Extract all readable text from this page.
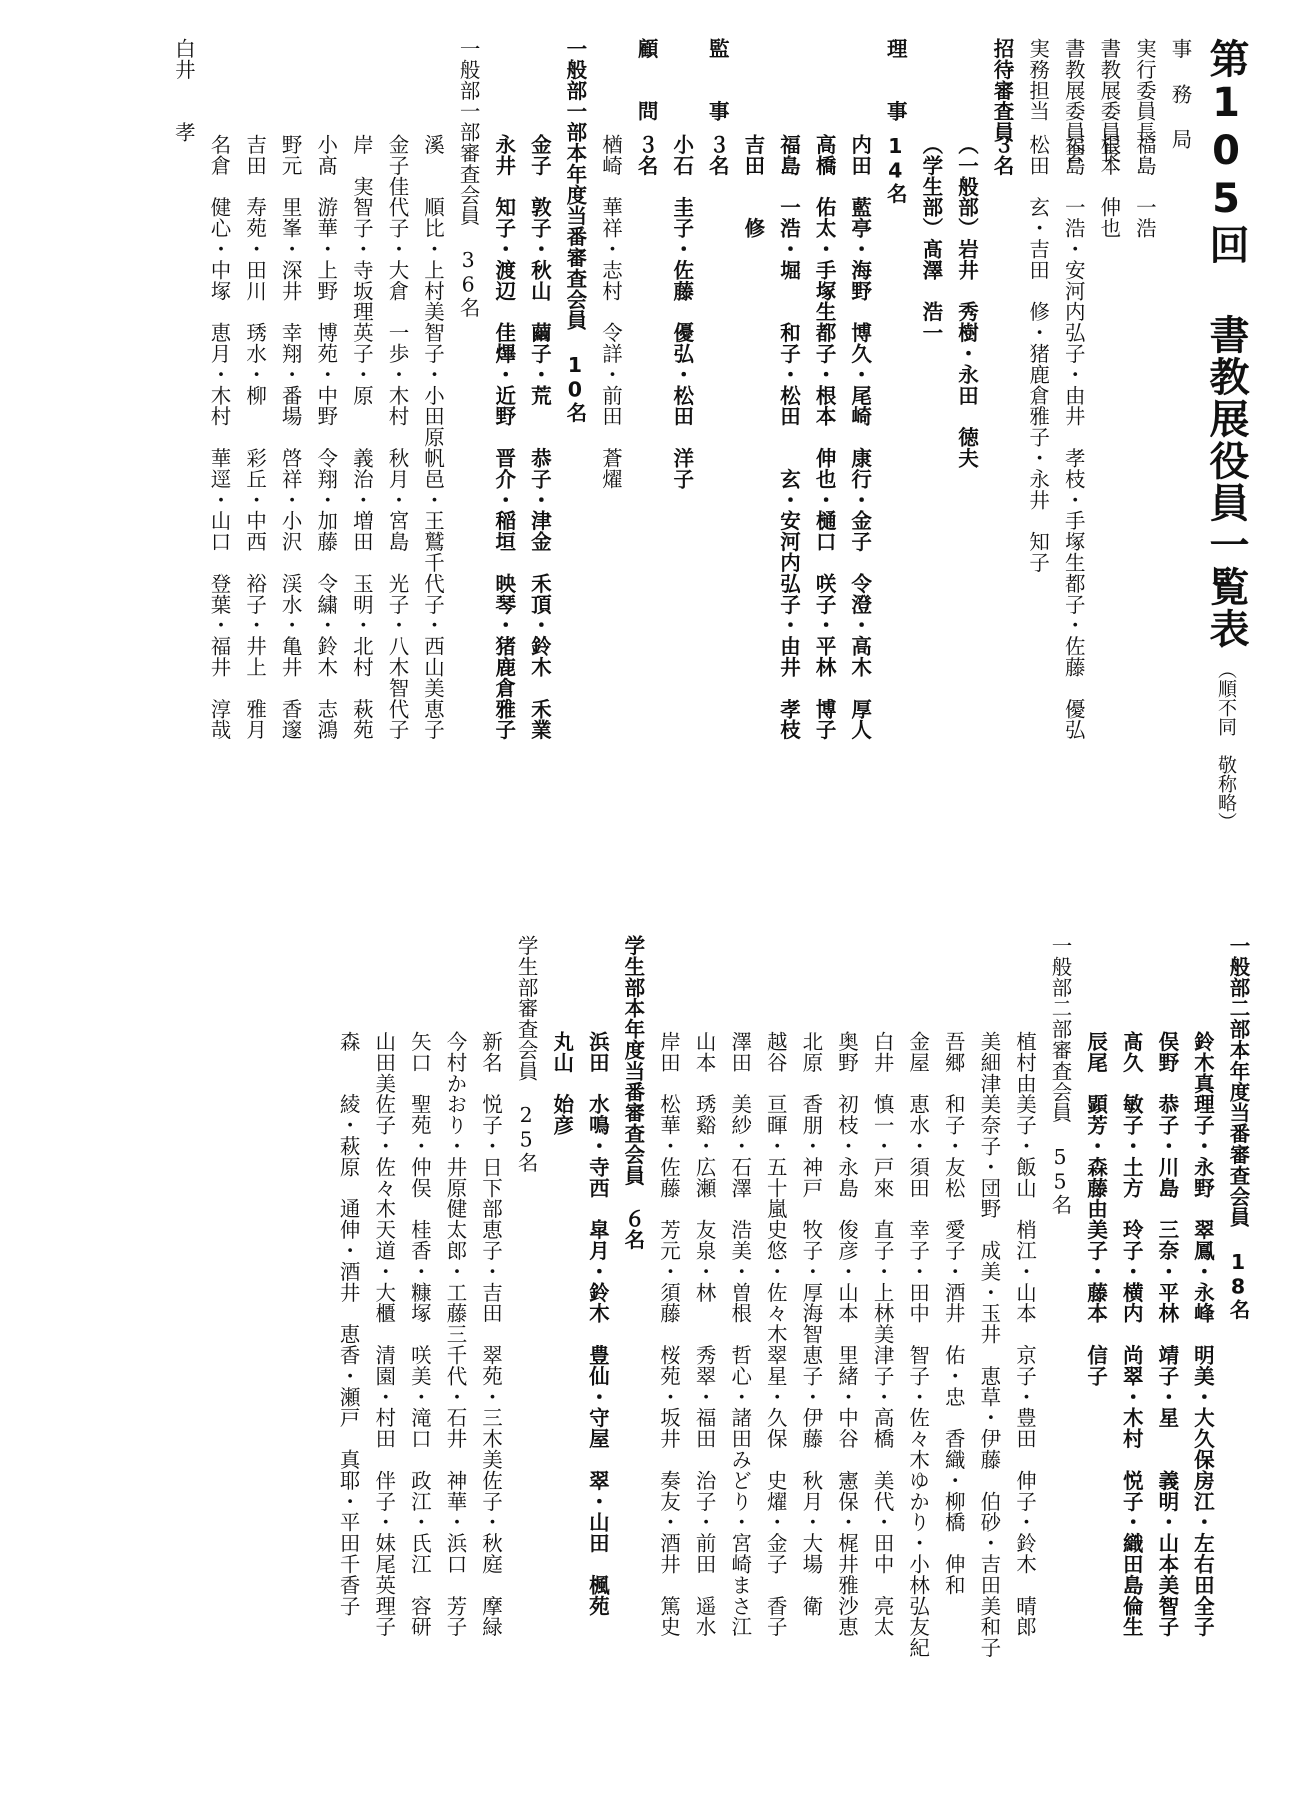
第105回 書教展役員一覧表（順不同　敬称略）
事 務 局
実行委員長福島　一浩
書教展委員長根本　伸也
書教展委員会福島　一浩・安河内弘子・由井　孝枝・手塚生都子・佐藤　優弘
実務担当松田　玄・吉田　修・猪鹿倉雅子・永井　知子
招待審査員３名
（一般部）岩井　秀樹・永田　徳夫
（学生部）髙澤　浩一
理　　事14名
内田　藍亭・海野　博久・尾崎　康行・金子　令澄・高木　厚人
高橋　佑太・手塚生都子・根本　伸也・樋口　咲子・平林　博子
福島　一浩・堀　　和子・松田　　玄・安河内弘子・由井　孝枝
吉田　　修
監　　事３名
小石　圭子・佐藤　優弘・松田　洋子
顧　　問３名
楢崎　華祥・志村　令詳・前田　蒼燿
一般部一部本年度当番審査会員10名
金子　敦子・秋山　繭子・荒　　恭子・津金　禾頂・鈴木　禾業
永井　知子・渡辺　佳熚・近野　晋介・稲垣　映琴・猪鹿倉雅子
一般部一部審査会員36名
溪　　順比・上村美智子・小田原帆邑・王鷲千代子・西山美恵子
金子佳代子・大倉　一歩・木村　秋月・宮島　光子・八木智代子
岸　実智子・寺坂理英子・原　　義治・増田　玉明・北村　萩苑
小髙　游華・上野　博苑・中野　令翔・加藤　令繍・鈴木　志鴻
野元　里峯・深井　幸翔・番場　啓祥・小沢　渓水・亀井　香邃
吉田　寿苑・田川　琇水・柳　　彩丘・中西　裕子・井上　雅月
名倉　健心・中塚　恵月・木村　華逕・山口　登葉・福井　淳哉
白井　　孝
一般部二部本年度当番審査会員18名
鈴木真理子・永野　翠鳳・永峰　明美・大久保房江・左右田全子
俣野　恭子・川島　三奈・平林　靖子・星　　義明・山本美智子
髙久　敏子・土方　玲子・横内　尚翠・木村　悦子・織田島倫生
辰尾　顕芳・森藤由美子・藤本　信子
一般部二部審査会員55名
植村由美子・飯山　梢江・山本　京子・豊田　伸子・鈴木　晴郎
美細津美奈子・団野　成美・玉井　恵草・伊藤　伯砂・吉田美和子
吾郷　和子・友松　愛子・酒井　佑・忠　香織・柳橋　伸和
金屋　恵水・須田　幸子・田中　智子・佐々木ゆかり・小林弘友紀
白井　慎一・戸來　直子・上林美津子・高橋　美代・田中　亮太
奥野　初枝・永島　俊彦・山本　里緒・中谷　憲保・梶井雅沙恵
北原　香朋・神戸　牧子・厚海智恵子・伊藤　秋月・大場　衛
越谷　亘暉・五十嵐史悠・佐々木翠星・久保　史燿・金子　香子
澤田　美紗・石澤　浩美・曽根　哲心・諸田みどり・宮崎まさ江
山本　琇谿・広瀬　友泉・林　　秀翠・福田　治子・前田　遥水
岸田　松華・佐藤　芳元・須藤　桜苑・坂井　奏友・酒井　篤史
学生部本年度当番審査会員６名
浜田　水鳴・寺西　皐月・鈴木　豊仙・守屋　翠・山田　楓苑
丸山　始彦
学生部審査会員25名
新名　悦子・日下部恵子・吉田　翠苑・三木美佐子・秋庭　摩緑
今村かおり・井原健太郎・工藤三千代・石井　神華・浜口　芳子
矢口　聖苑・仲俣　桂香・糠塚　咲美・滝口　政江・氏江　容研
山田美佐子・佐々木天道・大櫃　清園・村田　伴子・妹尾英理子
森　　綾・萩原　通伸・酒井　恵香・瀬戸　真耶・平田千香子
